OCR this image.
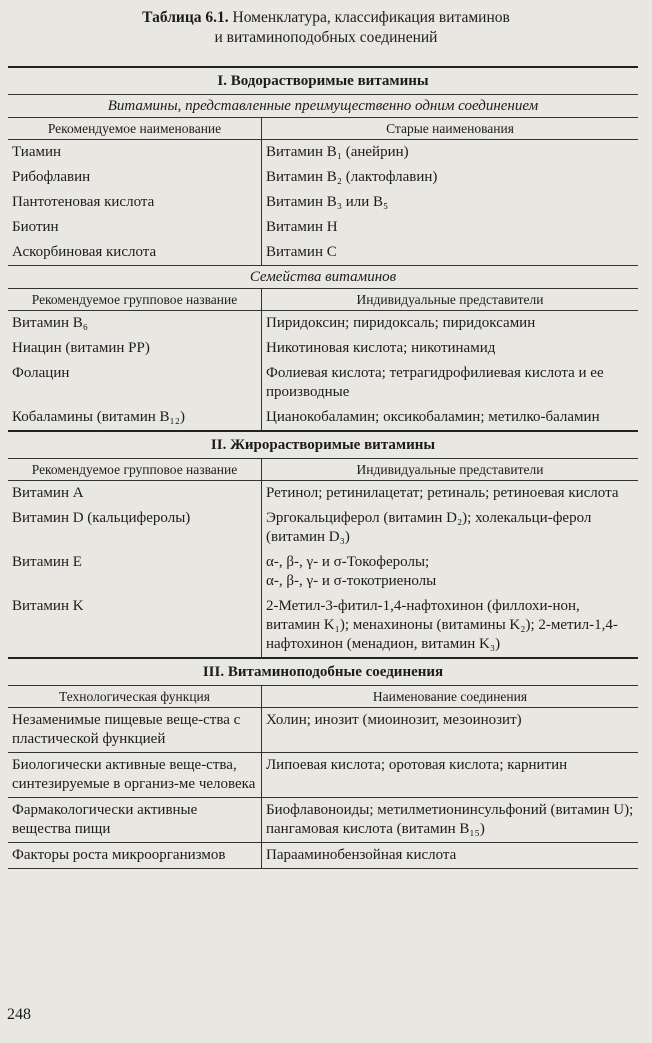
Таблица 6.1. Номенклатура, классификация витаминов
и витаминоподобных соединений
I. Водорастворимые витамины	
Витамины, представленные преимущественно одним соединением	
Рекомендуемое наименование	Старые наименования
Тиамин	Витамин B₁ (анейрин)
Рибофлавин	Витамин B₂ (лактофлавин)
Пантотеновая кислота	Витамин B₃ или B₅
Биотин	Витамин H
Аскорбиновая кислота	Витамин C
Семейства витаминов	
Рекомендуемое групповое название	Индивидуальные представители
Витамин B₆	Пиридоксин; пиридоксаль; пиридоксамин
Ниацин (витамин PP)	Никотиновая кислота; никотинамид
Фолацин	Фолиевая кислота; тетрагидрофилиевая кислота и ее производные
Кобаламины (витамин B₁₂)	Цианокобаламин; оксикобаламин; метилко-баламин
II. Жирорастворимые витамины	
Рекомендуемое групповое название	Индивидуальные представители
Витамин A	Ретинол; ретинилацетат; ретиналь; ретиноевая кислота
Витамин D (кальциферолы)	Эргокальциферол (витамин D₂); холекальци-ферол (витамин D₃)
Витамин E	α-, β-, γ- и σ-Токоферолы;
α-, β-, γ- и σ-токотриенолы
Витамин K	2-Метил-3-фитил-1,4-нафтохинон (филлохи-нон, витамин K₁); менахиноны (витамины K₂); 2-метил-1,4-нафтохинон (менадион, витамин K₃)
III. Витаминоподобные соединения	
Технологическая функция	Наименование соединения
Незаменимые пищевые веще-ства с пластической функцией	Холин; инозит (миоинозит, мезоинозит)
Биологически активные веще-ства, синтезируемые в организ-ме человека	Липоевая кислота; оротовая кислота; карнитин
Фармакологически активные вещества пищи	Биофлавоноиды; метилметионинсульфоний (витамин U); пангамовая кислота (витамин B₁₅)
Факторы роста микроорганизмов	Парааминобензойная кислота
248
